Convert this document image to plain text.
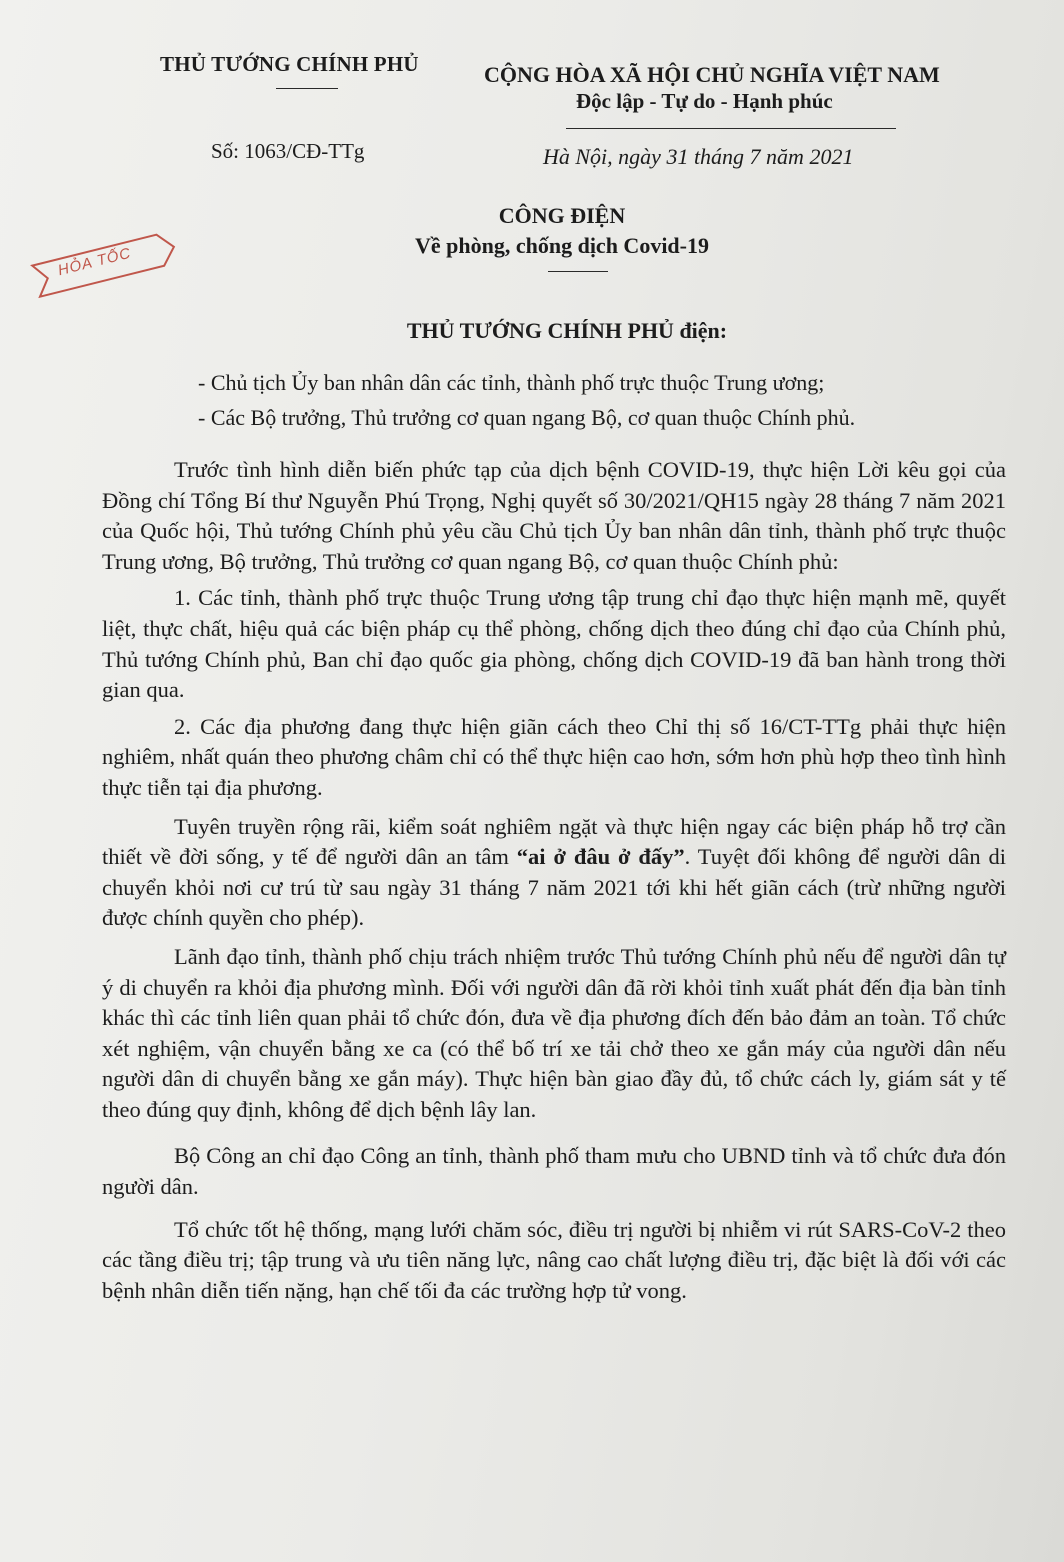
THỦ TƯỚNG CHÍNH PHỦ	CỘNG HÒA XÃ HỘI CHỦ NGHĨA VIỆT NAM
Độc lập - Tự do - Hạnh phúc
Số: 1063/CĐ-TTg	Hà Nội, ngày 31 tháng 7 năm 2021
CÔNG ĐIỆN
Về phòng, chống dịch Covid-19
HỎA TỐC
THỦ TƯỚNG CHÍNH PHỦ điện:
- Chủ tịch Ủy ban nhân dân các tỉnh, thành phố trực thuộc Trung ương;
- Các Bộ trưởng, Thủ trưởng cơ quan ngang Bộ, cơ quan thuộc Chính phủ.

Trước tình hình diễn biến phức tạp của dịch bệnh COVID-19, thực hiện Lời kêu gọi của Đồng chí Tổng Bí thư Nguyễn Phú Trọng, Nghị quyết số 30/2021/QH15 ngày 28 tháng 7 năm 2021 của Quốc hội, Thủ tướng Chính phủ yêu cầu Chủ tịch Ủy ban nhân dân tỉnh, thành phố trực thuộc Trung ương, Bộ trưởng, Thủ trưởng cơ quan ngang Bộ, cơ quan thuộc Chính phủ:

1. Các tỉnh, thành phố trực thuộc Trung ương tập trung chỉ đạo thực hiện mạnh mẽ, quyết liệt, thực chất, hiệu quả các biện pháp cụ thể phòng, chống dịch theo đúng chỉ đạo của Chính phủ, Thủ tướng Chính phủ, Ban chỉ đạo quốc gia phòng, chống dịch COVID-19 đã ban hành trong thời gian qua.

2. Các địa phương đang thực hiện giãn cách theo Chỉ thị số 16/CT-TTg phải thực hiện nghiêm, nhất quán theo phương châm chỉ có thể thực hiện cao hơn, sớm hơn phù hợp theo tình hình thực tiễn tại địa phương.

Tuyên truyền rộng rãi, kiểm soát nghiêm ngặt và thực hiện ngay các biện pháp hỗ trợ cần thiết về đời sống, y tế để người dân an tâm “ai ở đâu ở đấy”. Tuyệt đối không để người dân di chuyển khỏi nơi cư trú từ sau ngày 31 tháng 7 năm 2021 tới khi hết giãn cách (trừ những người được chính quyền cho phép).

Lãnh đạo tỉnh, thành phố chịu trách nhiệm trước Thủ tướng Chính phủ nếu để người dân tự ý di chuyển ra khỏi địa phương mình. Đối với người dân đã rời khỏi tỉnh xuất phát đến địa bàn tỉnh khác thì các tỉnh liên quan phải tổ chức đón, đưa về địa phương đích đến bảo đảm an toàn. Tổ chức xét nghiệm, vận chuyển bằng xe ca (có thể bố trí xe tải chở theo xe gắn máy của người dân nếu người dân di chuyển bằng xe gắn máy). Thực hiện bàn giao đầy đủ, tổ chức cách ly, giám sát y tế theo đúng quy định, không để dịch bệnh lây lan.

Bộ Công an chỉ đạo Công an tỉnh, thành phố tham mưu cho UBND tỉnh và tổ chức đưa đón người dân.

Tổ chức tốt hệ thống, mạng lưới chăm sóc, điều trị người bị nhiễm vi rút SARS-CoV-2 theo các tầng điều trị; tập trung và ưu tiên năng lực, nâng cao chất lượng điều trị, đặc biệt là đối với các bệnh nhân diễn tiến nặng, hạn chế tối đa các trường hợp tử vong.
